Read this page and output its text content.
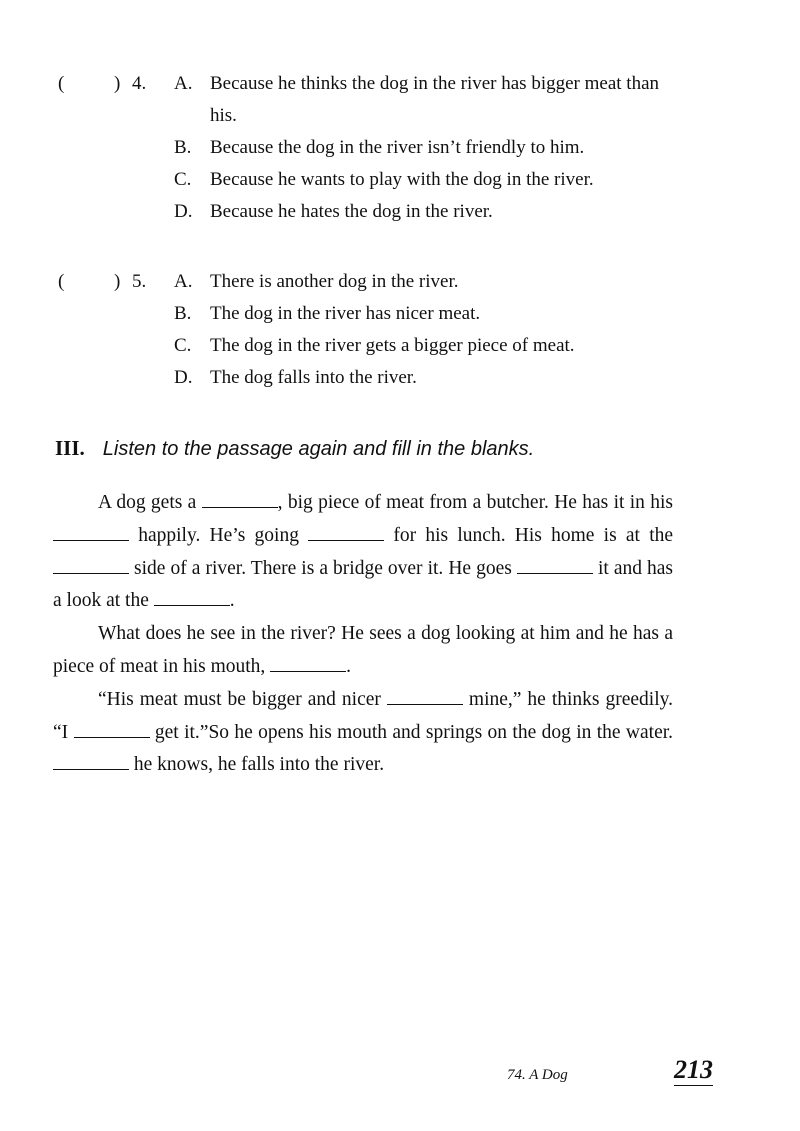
(	) 4. A. Because he thinks the dog in the river has bigger meat than his.
B. Because the dog in the river isn’t friendly to him.
C. Because he wants to play with the dog in the river.
D. Because he hates the dog in the river.
(	) 5. A. There is another dog in the river.
B. The dog in the river has nicer meat.
C. The dog in the river gets a bigger piece of meat.
D. The dog falls into the river.
III. Listen to the passage again and fill in the blanks.

A dog gets a	, big piece of meat from a butcher. He has it in his  happily. He’s going	for his lunch. His home is at the  side of a river. There is a bridge over it. He goes	it and has a look at the	.

What does he see in the river? He sees a dog looking at him and he has a piece of meat in his mouth,	.

“His meat must be bigger and nicer	mine,” he thinks greedily. “I	get it.”So he opens his mouth and springs on the dog in the water.  he knows, he falls into the river.

74. A Dog	213
